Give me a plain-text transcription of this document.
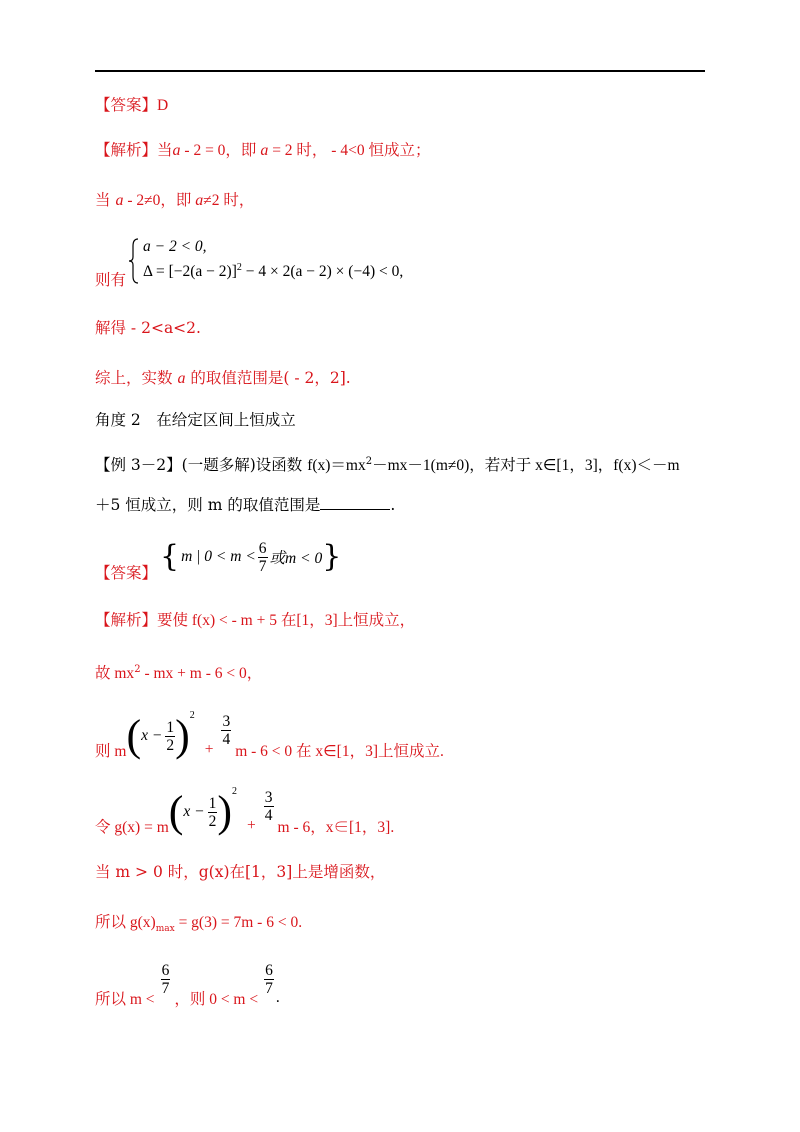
【答案】D
【解析】当a - 2 = 0，即 a = 2 时， - 4<0 恒成立；
当 a - 2≠0，即 a≠2 时，
则有
a − 2 < 0,
$\Delta = [-2(a - 2)]^2 - 4 \times 2(a - 2) \times (-4) < 0$,
解得 - 2<a<2.
综上，实数 a 的取值范围是( - 2，2].
角度 2　在给定区间上恒成立
【例 3－2】(一题多解)设函数 $f(x)=mx^2-mx-1(m\ne 0)$，若对于 x∈[1，3]，f(x)＜－m
＋5 恒成立，则 m 的取值范围是	.
【答案】 { m | $0 < m < \frac{6}{7}$ 或m < 0 }
【解析】要使 f(x) < - m + 5 在[1，3]上恒成立，
故 $mx^2$ - mx + m - 6 < 0，
则 m ( $x - \frac{1}{2}$ ) 2
+
$\frac{3}{4}$
m - 6 < 0 在 x∈[1，3]上恒成立.
令 g(x) = m ( $x - \frac{1}{2}$ ) 2
+
$\frac{3}{4}$
m - 6，x∈[1，3].
当 m > 0 时，g(x)在[1，3]上是增函数，
所以 $g(x)_{max} = g(3) = 7m - 6 < 0$.
所以 m <
$\frac{6}{7}$
，则 0 < m <
$\frac{6}{7}$
.
